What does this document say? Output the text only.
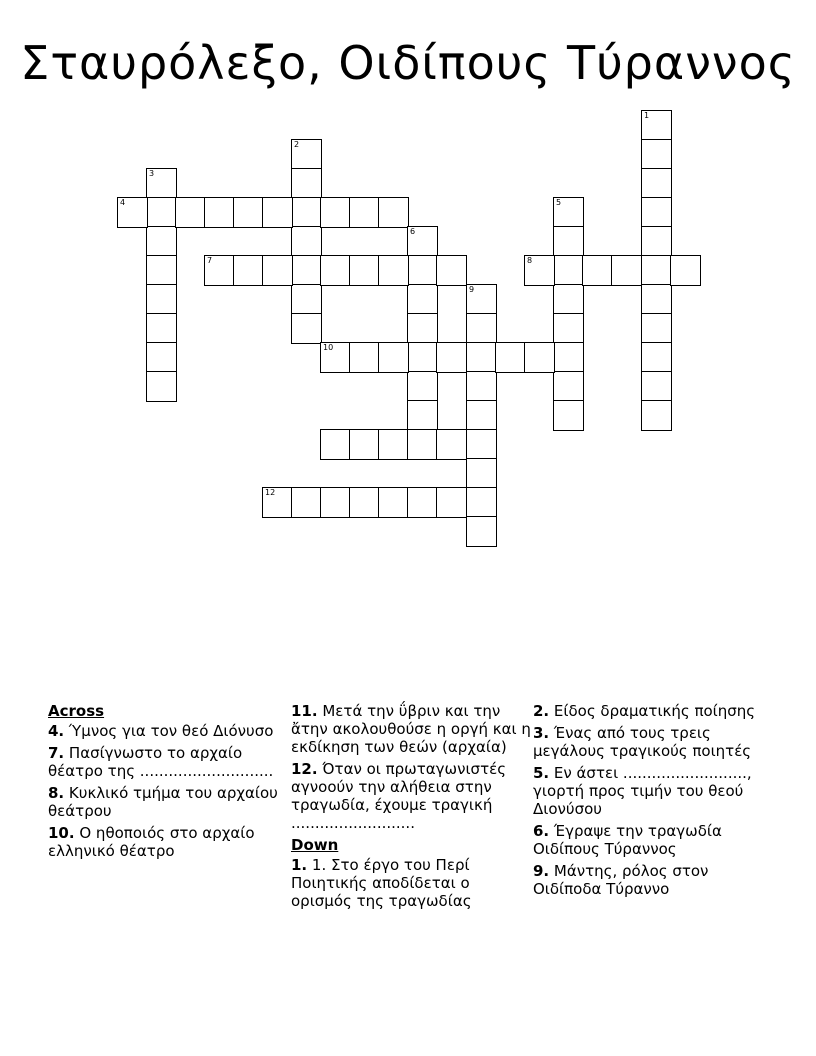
Σταυρόλεξο, Οιδίπους Τύραννος
1
2
3
4	5
6
7	8
9
10
12
Across
4. Ύμνος για τον θεό Διόνυσο
7. Πασίγνωστο το αρχαίο θέατρο της ............................
8. Κυκλικό τμήμα του αρχαίου θεάτρου
10. Ο ηθοποιός στο αρχαίο ελληνικό θέατρο
11. Μετά την ΰβριν και την ἄτην ακολουθούσε η οργή και η εκδίκηση των θεών (αρχαία)
12. Όταν οι πρωταγωνιστές αγνοούν την αλήθεια στην τραγωδία, έχουμε τραγική ..........................
Down
1. 1. Στο έργο του Περί Ποιητικής αποδίδεται ο ορισμός της τραγωδίας
2. Είδος δραματικής ποίησης
3. Ένας από τους τρεις μεγάλους τραγικούς ποιητές
5. Εν άστει .........................., γιορτή προς τιμήν του θεού Διονύσου
6. Έγραψε την τραγωδία Οιδίπους Τύραννος
9. Μάντης, ρόλος στον Οιδίποδα Τύραννο
